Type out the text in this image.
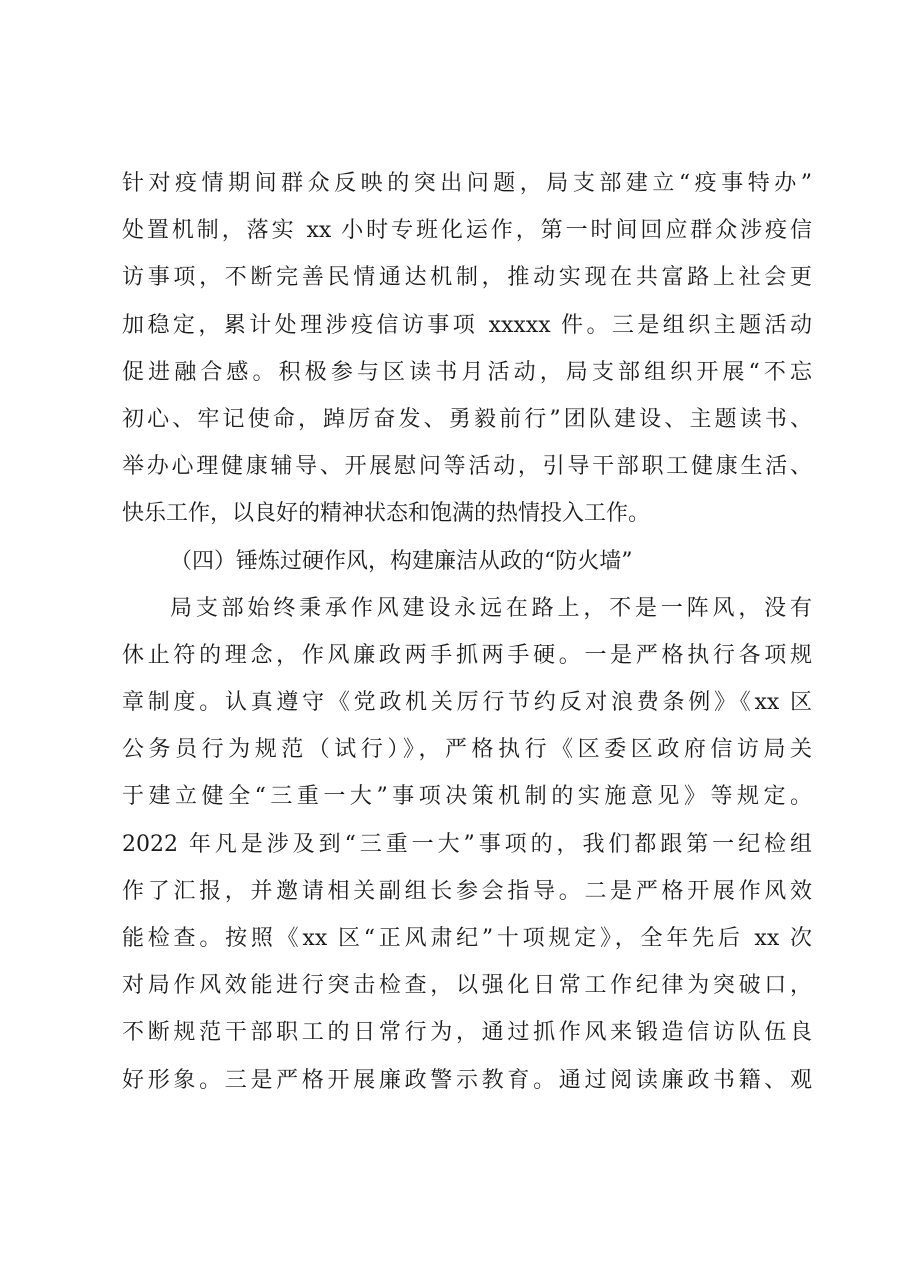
针对疫情期间群众反映的突出问题，局支部建立“疫事特办”
处置机制，落实 xx 小时专班化运作，第一时间回应群众涉疫信
访事项，不断完善民情通达机制，推动实现在共富路上社会更
加稳定，累计处理涉疫信访事项 xxxxx 件。三是组织主题活动
促进融合感。积极参与区读书月活动，局支部组织开展“不忘
初心、牢记使命，踔厉奋发、勇毅前行”团队建设、主题读书、
举办心理健康辅导、开展慰问等活动，引导干部职工健康生活、
快乐工作，以良好的精神状态和饱满的热情投入工作。
（四）锤炼过硬作风，构建廉洁从政的“防火墙”
局支部始终秉承作风建设永远在路上，不是一阵风，没有
休止符的理念，作风廉政两手抓两手硬。一是严格执行各项规
章制度。认真遵守《党政机关厉行节约反对浪费条例》《xx 区
公务员行为规范（试行）》，严格执行《区委区政府信访局关
于建立健全“三重一大”事项决策机制的实施意见》等规定。
2022 年凡是涉及到“三重一大”事项的，我们都跟第一纪检组
作了汇报，并邀请相关副组长参会指导。二是严格开展作风效
能检查。按照《xx 区“正风肃纪”十项规定》，全年先后 xx 次
对局作风效能进行突击检查，以强化日常工作纪律为突破口，
不断规范干部职工的日常行为，通过抓作风来锻造信访队伍良
好形象。三是严格开展廉政警示教育。通过阅读廉政书籍、观
